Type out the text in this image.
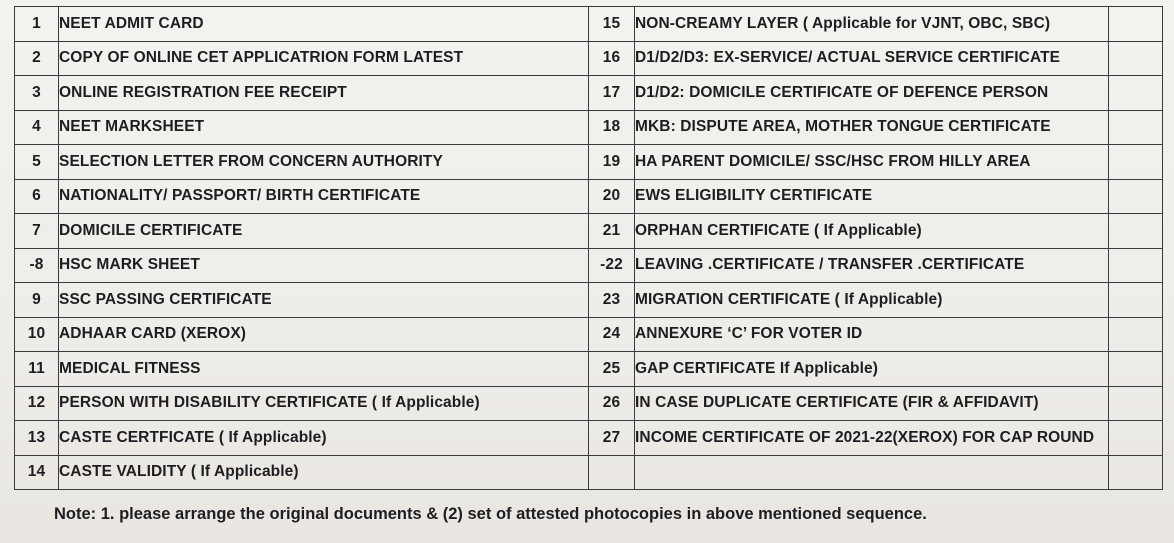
1	NEET ADMIT CARD	15	NON-CREAMY LAYER ( Applicable for VJNT, OBC, SBC)	
2	COPY OF ONLINE CET APPLICATRION FORM LATEST	16	D1/D2/D3: EX-SERVICE/ ACTUAL SERVICE CERTIFICATE	
3	ONLINE REGISTRATION FEE RECEIPT	17	D1/D2: DOMICILE CERTIFICATE OF DEFENCE PERSON	
4	NEET MARKSHEET	18	MKB: DISPUTE AREA, MOTHER TONGUE CERTIFICATE	
5	SELECTION LETTER FROM CONCERN AUTHORITY	19	HA PARENT DOMICILE/ SSC/HSC FROM HILLY AREA	
6	NATIONALITY/ PASSPORT/ BIRTH CERTIFICATE	20	EWS ELIGIBILITY CERTIFICATE	
7	DOMICILE CERTIFICATE	21	ORPHAN CERTIFICATE ( If Applicable)	
-8	HSC MARK SHEET	-22	LEAVING .CERTIFICATE / TRANSFER .CERTIFICATE	
9	SSC PASSING CERTIFICATE	23	MIGRATION CERTIFICATE ( If Applicable)	
10	ADHAAR CARD (XEROX)	24	ANNEXURE ‘C’ FOR VOTER ID	
11	MEDICAL FITNESS	25	GAP CERTIFICATE If Applicable)	
12	PERSON WITH DISABILITY CERTIFICATE ( If Applicable)	26	IN CASE DUPLICATE CERTIFICATE (FIR & AFFIDAVIT)	
13	CASTE CERTFICATE ( If Applicable)	27	INCOME CERTIFICATE OF 2021-22(XEROX) FOR CAP ROUND	
14	CASTE VALIDITY ( If Applicable)			
Note: 1. please arrange the original documents & (2) set of attested photocopies in above mentioned sequence.
